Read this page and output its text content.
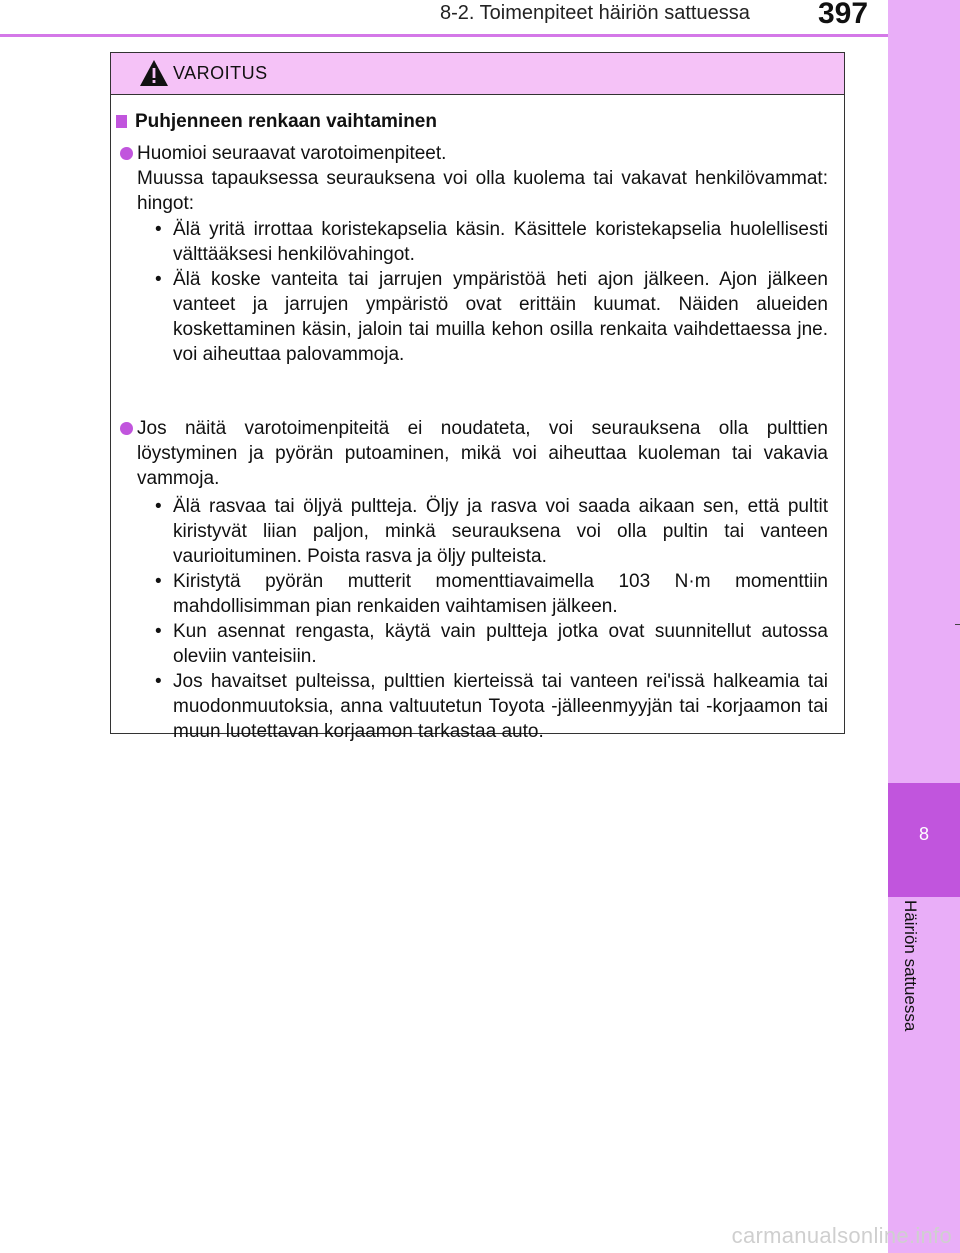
8-2. Toimenpiteet häiriön sattuessa	397
8
Häiriön sattuessa
VAROITUS
Puhjenneen renkaan vaihtaminen
Huomioi seuraavat varotoimenpiteet.
Muussa tapauksessa seurauksena voi olla kuolema tai vakavat henkilövammat: hingot:
• Älä yritä irrottaa koristekapselia käsin. Käsittele koristekapselia huolellisesti välttääksesi henkilövahingot.
• Älä koske vanteita tai jarrujen ympäristöä heti ajon jälkeen. Ajon jälkeen vanteet ja jarrujen ympäristö ovat erittäin kuumat. Näiden alueiden koskettaminen käsin, jaloin tai muilla kehon osilla renkaita vaihdettaessa jne. voi aiheuttaa palovammoja.
Jos näitä varotoimenpiteitä ei noudateta, voi seurauksena olla pulttien löystyminen ja pyörän putoaminen, mikä voi aiheuttaa kuoleman tai vakavia vammoja.
• Älä rasvaa tai öljyä pultteja. Öljy ja rasva voi saada aikaan sen, että pultit kiristyvät liian paljon, minkä seurauksena voi olla pultin tai vanteen vaurioituminen. Poista rasva ja öljy pulteista.
• Kiristytä pyörän mutterit momenttiavaimella 103 N·m momenttiin mahdollisimman pian renkaiden vaihtamisen jälkeen.
• Kun asennat rengasta, käytä vain pultteja jotka ovat suunnitellut autossa oleviin vanteisiin.
• Jos havaitset pulteissa, pulttien kierteissä tai vanteen rei'issä halkeamia tai muodonmuutoksia, anna valtuutetun Toyota -jälleenmyyjän tai -korjaamon tai muun luotettavan korjaamon tarkastaa auto.
carmanualsonline.info
